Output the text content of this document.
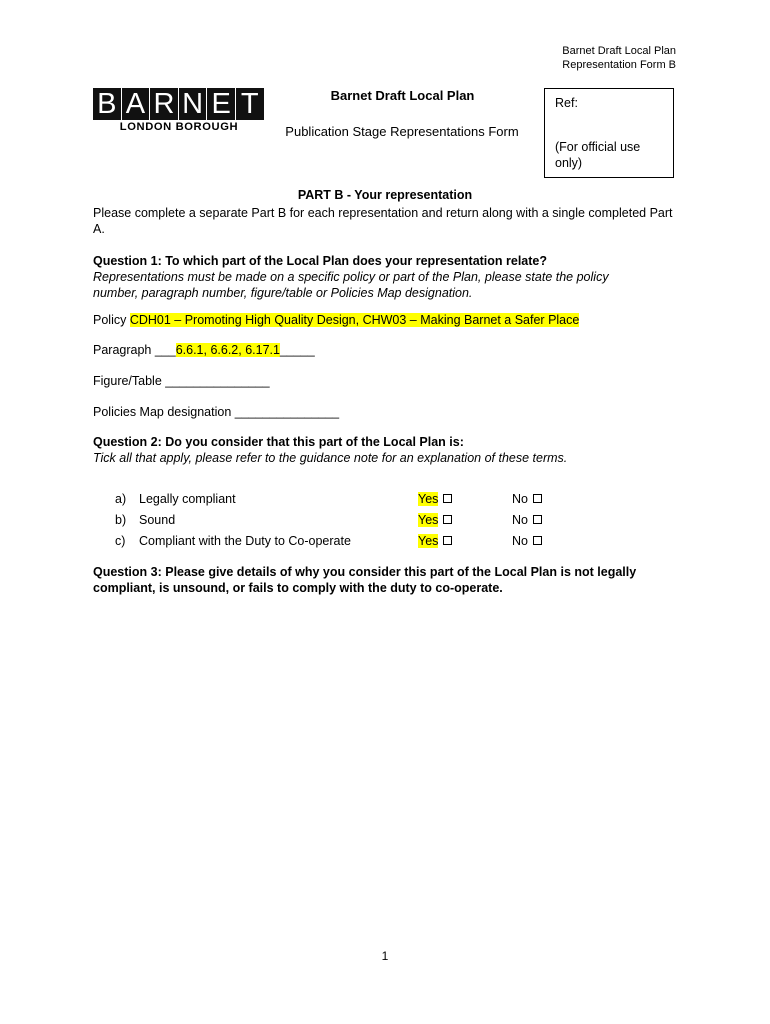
Barnet Draft Local Plan
Representation Form B
B A R N E T
LONDON BOROUGH
Barnet Draft Local Plan
Publication Stage Representations Form
Ref:
(For official use
only)
PART B - Your representation
Please complete a separate Part B for each representation and return along with a single completed Part A.
Question 1: To which part of the Local Plan does your representation relate?
Representations must be made on a specific policy or part of the Plan, please state the policy number, paragraph number, figure/table or Policies Map designation.
Policy CDH01 – Promoting High Quality Design, CHW03 – Making Barnet a Safer Place
Paragraph ___6.6.1, 6.6.2, 6.17.1_____
Figure/Table _______________
Policies Map designation _______________
Question 2: Do you consider that this part of the Local Plan is:
Tick all that apply, please refer to the guidance note for an explanation of these terms.
a) Legally compliant	Yes	No
b) Sound	Yes	No
c) Compliant with the Duty to Co-operate	Yes	No
Question 3: Please give details of why you consider this part of the Local Plan is not legally compliant, is unsound, or fails to comply with the duty to co-operate.
1
